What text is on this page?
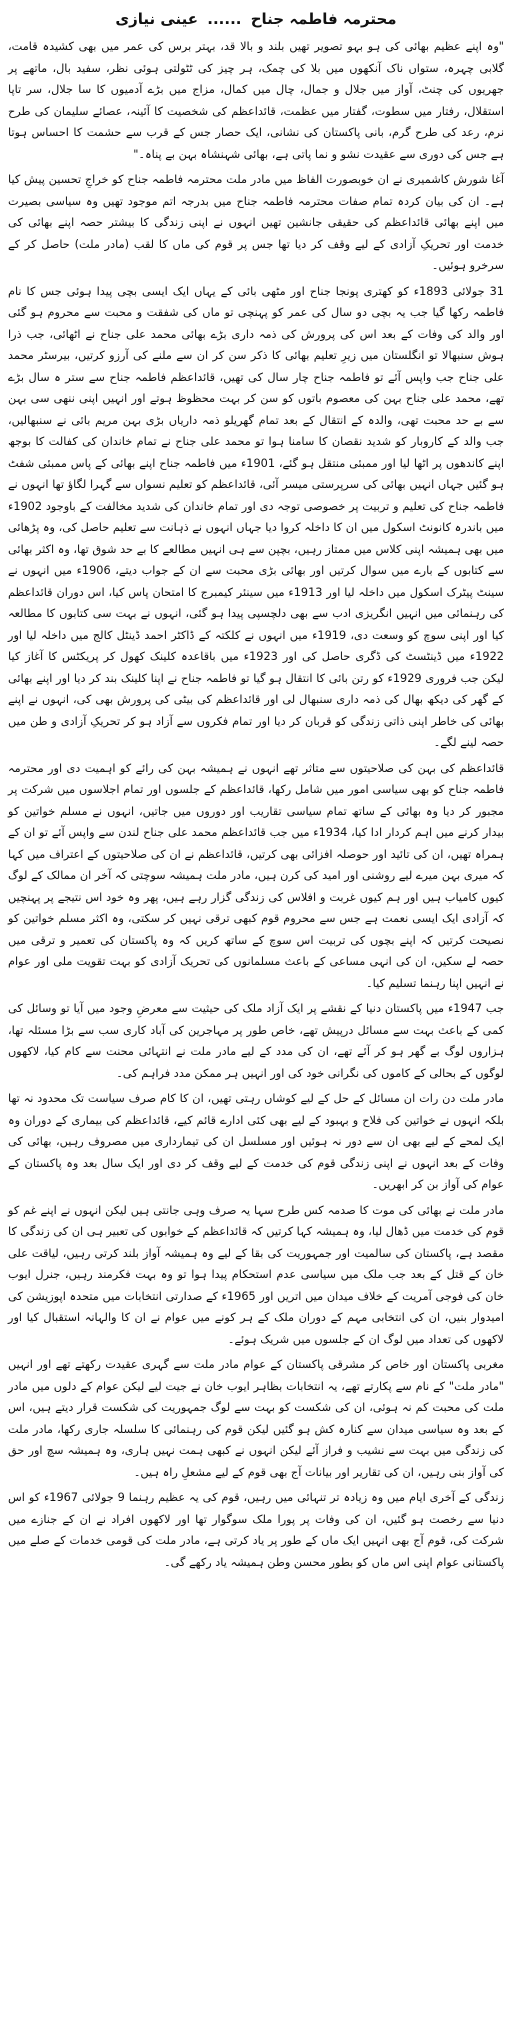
محترمہ فاطمہ جناح ...... عینی نیازی

"وہ اپنے عظیم بھائی کی ہو بہو تصویر تھیں بلند و بالا قد، بہتر برس کی عمر میں بھی کشیدہ قامت، گلابی چہرہ، ستواں ناک آنکھوں میں بلا کی چمک، ہر چیز کی ٹٹولتی ہوئی نظر، سفید بال، ماتھے پر جھریوں کی چنٹ، آواز میں جلال و جمال، چال میں کمال، مزاج میں بڑے آدمیوں کا سا جلال، سر تاپا استقلال، رفتار میں سطوت، گفتار میں عظمت، قائداعظم کی شخصیت کا آئینہ، عصائے سلیمان کی طرح نرم، رعد کی طرح گرم، بانی پاکستان کی نشانی، ایک حصار جس کے قرب سے حشمت کا احساس ہوتا ہے جس کی دوری سے عقیدت نشو و نما پاتی ہے، بھائی شہنشاہ بہن بے پناہ۔"

آغا شورش کاشمیری نے ان خوبصورت الفاظ میں مادر ملت محترمہ فاطمہ جناح کو خراجِ تحسین پیش کیا ہے۔ ان کی بیان کردہ تمام صفات محترمہ فاطمہ جناح میں بدرجہ اتم موجود تھیں وہ سیاسی بصیرت میں اپنے بھائی قائداعظم کی حقیقی جانشین تھیں انہوں نے اپنی زندگی کا بیشتر حصہ اپنے بھائی کی خدمت اور تحریکِ آزادی کے لیے وقف کر دیا تھا جس پر قوم کی ماں کا لقب (مادر ملت) حاصل کر کے سرخرو ہوئیں۔

31 جولائی 1893ء کو کھتری پونجا جناح اور مٹھی بائی کے یہاں ایک ایسی بچی پیدا ہوئی جس کا نام فاطمہ رکھا گیا جب یہ بچی دو سال کی عمر کو پہنچی تو ماں کی شفقت و محبت سے محروم ہو گئی اور والد کی وفات کے بعد اس کی پرورش کی ذمہ داری بڑے بھائی محمد علی جناح نے اٹھائی، جب ذرا ہوش سنبھالا تو انگلستان میں زیرِ تعلیم بھائی کا ذکر سن کر ان سے ملنے کی آرزو کرتیں، بیرسٹر محمد علی جناح جب واپس آئے تو فاطمہ جناح چار سال کی تھیں، قائداعظم فاطمہ جناح سے ستر ہ سال بڑے تھے، محمد علی جناح بہن کی معصوم باتوں کو سن کر بہت محظوظ ہوتے اور انہیں اپنی ننھی سی بہن سے بے حد محبت تھی، والدہ کے انتقال کے بعد تمام گھریلو ذمہ داریاں بڑی بہن مریم بائی نے سنبھالیں، جب والد کے کاروبار کو شدید نقصان کا سامنا ہوا تو محمد علی جناح نے تمام خاندان کی کفالت کا بوجھ اپنے کاندھوں پر اٹھا لیا اور ممبئی منتقل ہو گئے، 1901ء میں فاطمہ جناح اپنے بھائی کے پاس ممبئی شفٹ ہو گئیں جہاں انہیں بھائی کی سرپرستی میسر آئی، قائداعظم کو تعلیم نسواں سے گہرا لگاؤ تھا انہوں نے فاطمہ جناح کی تعلیم و تربیت پر خصوصی توجہ دی اور تمام خاندان کی شدید مخالفت کے باوجود 1902ء میں باندرہ کانونٹ اسکول میں ان کا داخلہ کروا دیا جہاں انہوں نے ذہانت سے تعلیم حاصل کی، وہ پڑھائی میں بھی ہمیشہ اپنی کلاس میں ممتاز رہیں، بچپن سے ہی انہیں مطالعے کا بے حد شوق تھا، وہ اکثر بھائی سے کتابوں کے بارے میں سوال کرتیں اور بھائی بڑی محبت سے ان کے جواب دیتے، 1906ء میں انہوں نے سینٹ پیٹرک اسکول میں داخلہ لیا اور 1913ء میں سینئر کیمبرج کا امتحان پاس کیا، اس دوران قائداعظم کی رہنمائی میں انہیں انگریزی ادب سے بھی دلچسپی پیدا ہو گئی، انہوں نے بہت سی کتابوں کا مطالعہ کیا اور اپنی سوچ کو وسعت دی، 1919ء میں انہوں نے کلکتہ کے ڈاکٹر احمد ڈینٹل کالج میں داخلہ لیا اور 1922ء میں ڈینٹسٹ کی ڈگری حاصل کی اور 1923ء میں باقاعدہ کلینک کھول کر پریکٹس کا آغاز کیا لیکن جب فروری 1929ء کو رتن بائی کا انتقال ہو گیا تو فاطمہ جناح نے اپنا کلینک بند کر دیا اور اپنے بھائی کے گھر کی دیکھ بھال کی ذمہ داری سنبھال لی اور قائداعظم کی بیٹی کی پرورش بھی کی، انہوں نے اپنے بھائی کی خاطر اپنی ذاتی زندگی کو قربان کر دیا اور تمام فکروں سے آزاد ہو کر تحریکِ آزادی و طن میں حصہ لینے لگے۔

قائداعظم کی بہن کی صلاحیتوں سے متاثر تھے انہوں نے ہمیشہ بہن کی رائے کو اہمیت دی اور محترمہ فاطمہ جناح کو بھی سیاسی امور میں شامل رکھا، قائداعظم کے جلسوں اور تمام اجلاسوں میں شرکت پر مجبور کر دیا وہ بھائی کے ساتھ تمام سیاسی تقاریب اور دوروں میں جاتیں، انہوں نے مسلم خواتین کو بیدار کرنے میں اہم کردار ادا کیا، 1934ء میں جب قائداعظم محمد علی جناح لندن سے واپس آئے تو ان کے ہمراہ تھیں، ان کی تائید اور حوصلہ افزائی بھی کرتیں، قائداعظم نے ان کی صلاحیتوں کے اعتراف میں کہا کہ میری بہن میرے لیے روشنی اور امید کی کرن ہیں، مادر ملت ہمیشہ سوچتی کہ آخر ان ممالک کے لوگ کیوں کامیاب ہیں اور ہم کیوں غربت و افلاس کی زندگی گزار رہے ہیں، پھر وہ خود اس نتیجے پر پہنچیں کہ آزادی ایک ایسی نعمت ہے جس سے محروم قوم کبھی ترقی نہیں کر سکتی، وہ اکثر مسلم خواتین کو نصیحت کرتیں کہ اپنے بچوں کی تربیت اس سوچ کے ساتھ کریں کہ وہ پاکستان کی تعمیر و ترقی میں حصہ لے سکیں، ان کی انہی مساعی کے باعث مسلمانوں کی تحریک آزادی کو بہت تقویت ملی اور عوام نے انہیں اپنا رہنما تسلیم کیا۔

جب 1947ء میں پاکستان دنیا کے نقشے پر ایک آزاد ملک کی حیثیت سے معرضِ وجود میں آیا تو وسائل کی کمی کے باعث بہت سے مسائل درپیش تھے، خاص طور پر مہاجرین کی آباد کاری سب سے بڑا مسئلہ تھا، ہزاروں لوگ بے گھر ہو کر آئے تھے، ان کی مدد کے لیے مادر ملت نے انتہائی محنت سے کام کیا، لاکھوں لوگوں کے بحالی کے کاموں کی نگرانی خود کی اور انہیں ہر ممکن مدد فراہم کی۔

مادر ملت دن رات ان مسائل کے حل کے لیے کوشاں رہتی تھیں، ان کا کام صرف سیاست تک محدود نہ تھا بلکہ انہوں نے خواتین کی فلاح و بہبود کے لیے بھی کئی ادارے قائم کیے، قائداعظم کی بیماری کے دوران وہ ایک لمحے کے لیے بھی ان سے دور نہ ہوئیں اور مسلسل ان کی تیمارداری میں مصروف رہیں، بھائی کی وفات کے بعد انہوں نے اپنی زندگی قوم کی خدمت کے لیے وقف کر دی اور ایک سال بعد وہ پاکستان کے عوام کی آواز بن کر ابھریں۔

مادر ملت نے بھائی کی موت کا صدمہ کس طرح سہا یہ صرف وہی جانتی ہیں لیکن انہوں نے اپنے غم کو قوم کی خدمت میں ڈھال لیا، وہ ہمیشہ کہا کرتیں کہ قائداعظم کے خوابوں کی تعبیر ہی ان کی زندگی کا مقصد ہے، پاکستان کی سالمیت اور جمہوریت کی بقا کے لیے وہ ہمیشہ آواز بلند کرتی رہیں، لیاقت علی خان کے قتل کے بعد جب ملک میں سیاسی عدم استحکام پیدا ہوا تو وہ بہت فکرمند رہیں، جنرل ایوب خان کی فوجی آمریت کے خلاف میدان میں اتریں اور 1965ء کے صدارتی انتخابات میں متحدہ اپوزیشن کی امیدوار بنیں، ان کی انتخابی مہم کے دوران ملک کے ہر کونے میں عوام نے ان کا والہانہ استقبال کیا اور لاکھوں کی تعداد میں لوگ ان کے جلسوں میں شریک ہوئے۔

مغربی پاکستان اور خاص کر مشرقی پاکستان کے عوام مادر ملت سے گہری عقیدت رکھتے تھے اور انہیں "مادر ملت" کے نام سے پکارتے تھے، یہ انتخابات بظاہر ایوب خان نے جیت لیے لیکن عوام کے دلوں میں مادر ملت کی محبت کم نہ ہوئی، ان کی شکست کو بہت سے لوگ جمہوریت کی شکست قرار دیتے ہیں، اس کے بعد وہ سیاسی میدان سے کنارہ کش ہو گئیں لیکن قوم کی رہنمائی کا سلسلہ جاری رکھا، مادر ملت کی زندگی میں بہت سے نشیب و فراز آئے لیکن انہوں نے کبھی ہمت نہیں ہاری، وہ ہمیشہ سچ اور حق کی آواز بنی رہیں، ان کی تقاریر اور بیانات آج بھی قوم کے لیے مشعلِ راہ ہیں۔

زندگی کے آخری ایام میں وہ زیادہ تر تنہائی میں رہیں، قوم کی یہ عظیم رہنما 9 جولائی 1967ء کو اس دنیا سے رخصت ہو گئیں، ان کی وفات پر پورا ملک سوگوار تھا اور لاکھوں افراد نے ان کے جنازے میں شرکت کی، قوم آج بھی انہیں ایک ماں کے طور پر یاد کرتی ہے، مادر ملت کی قومی خدمات کے صلے میں پاکستانی عوام اپنی اس ماں کو بطور محسن وطن ہمیشہ یاد رکھے گی۔
